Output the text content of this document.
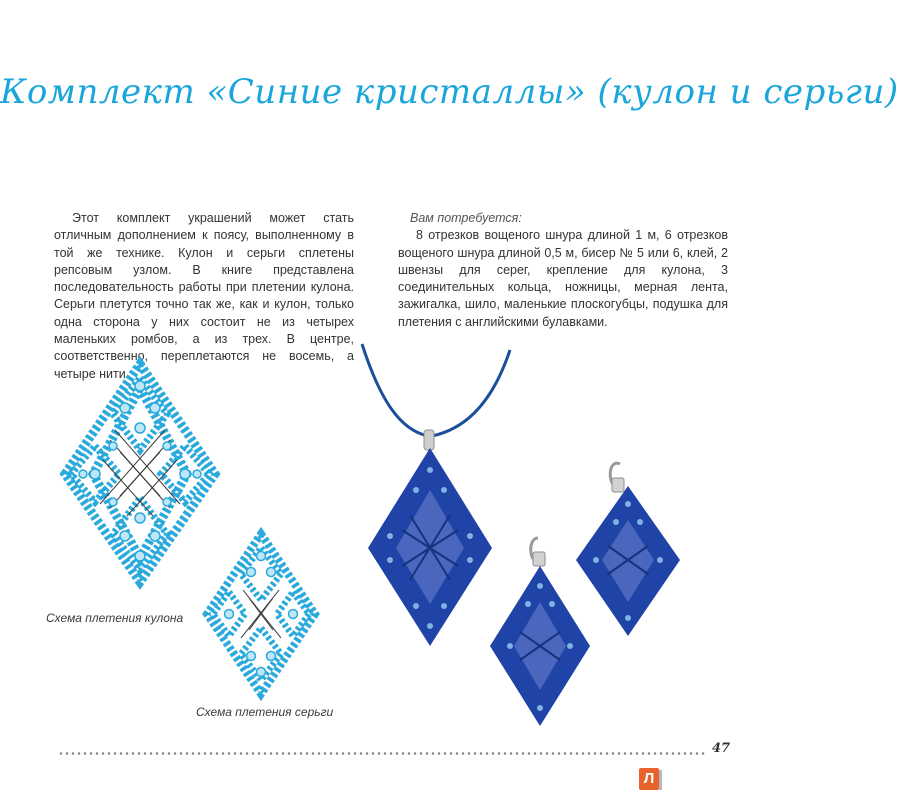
Комплект «Синие кристаллы» (кулон и серьги)
Этот комплект украшений может стать отличным дополнением к поясу, выполненному в той же технике. Кулон и серьги сплетены репсовым узлом. В книге представлена последовательность работы при плетении кулона. Серьги плетутся точно так же, как и кулон, только одна сторона у них состоит не из четырех маленьких ромбов, а из трех. В центре, соответственно, переплетаются не восемь, а четыре нити.
Вам потребуется:
8 отрезков вощеного шнура длиной 1 м, 6 отрезков вощеного шнура длиной 0,5 м, бисер № 5 или 6, клей, 2 швензы для серег, крепление для кулона, 3 соединительных кольца, ножницы, мерная лента, зажигалка, шило, маленькие плоскогубцы, подушка для плетения с английскими булавками.
Схема плетения кулона
Схема плетения серьги
47
Л
